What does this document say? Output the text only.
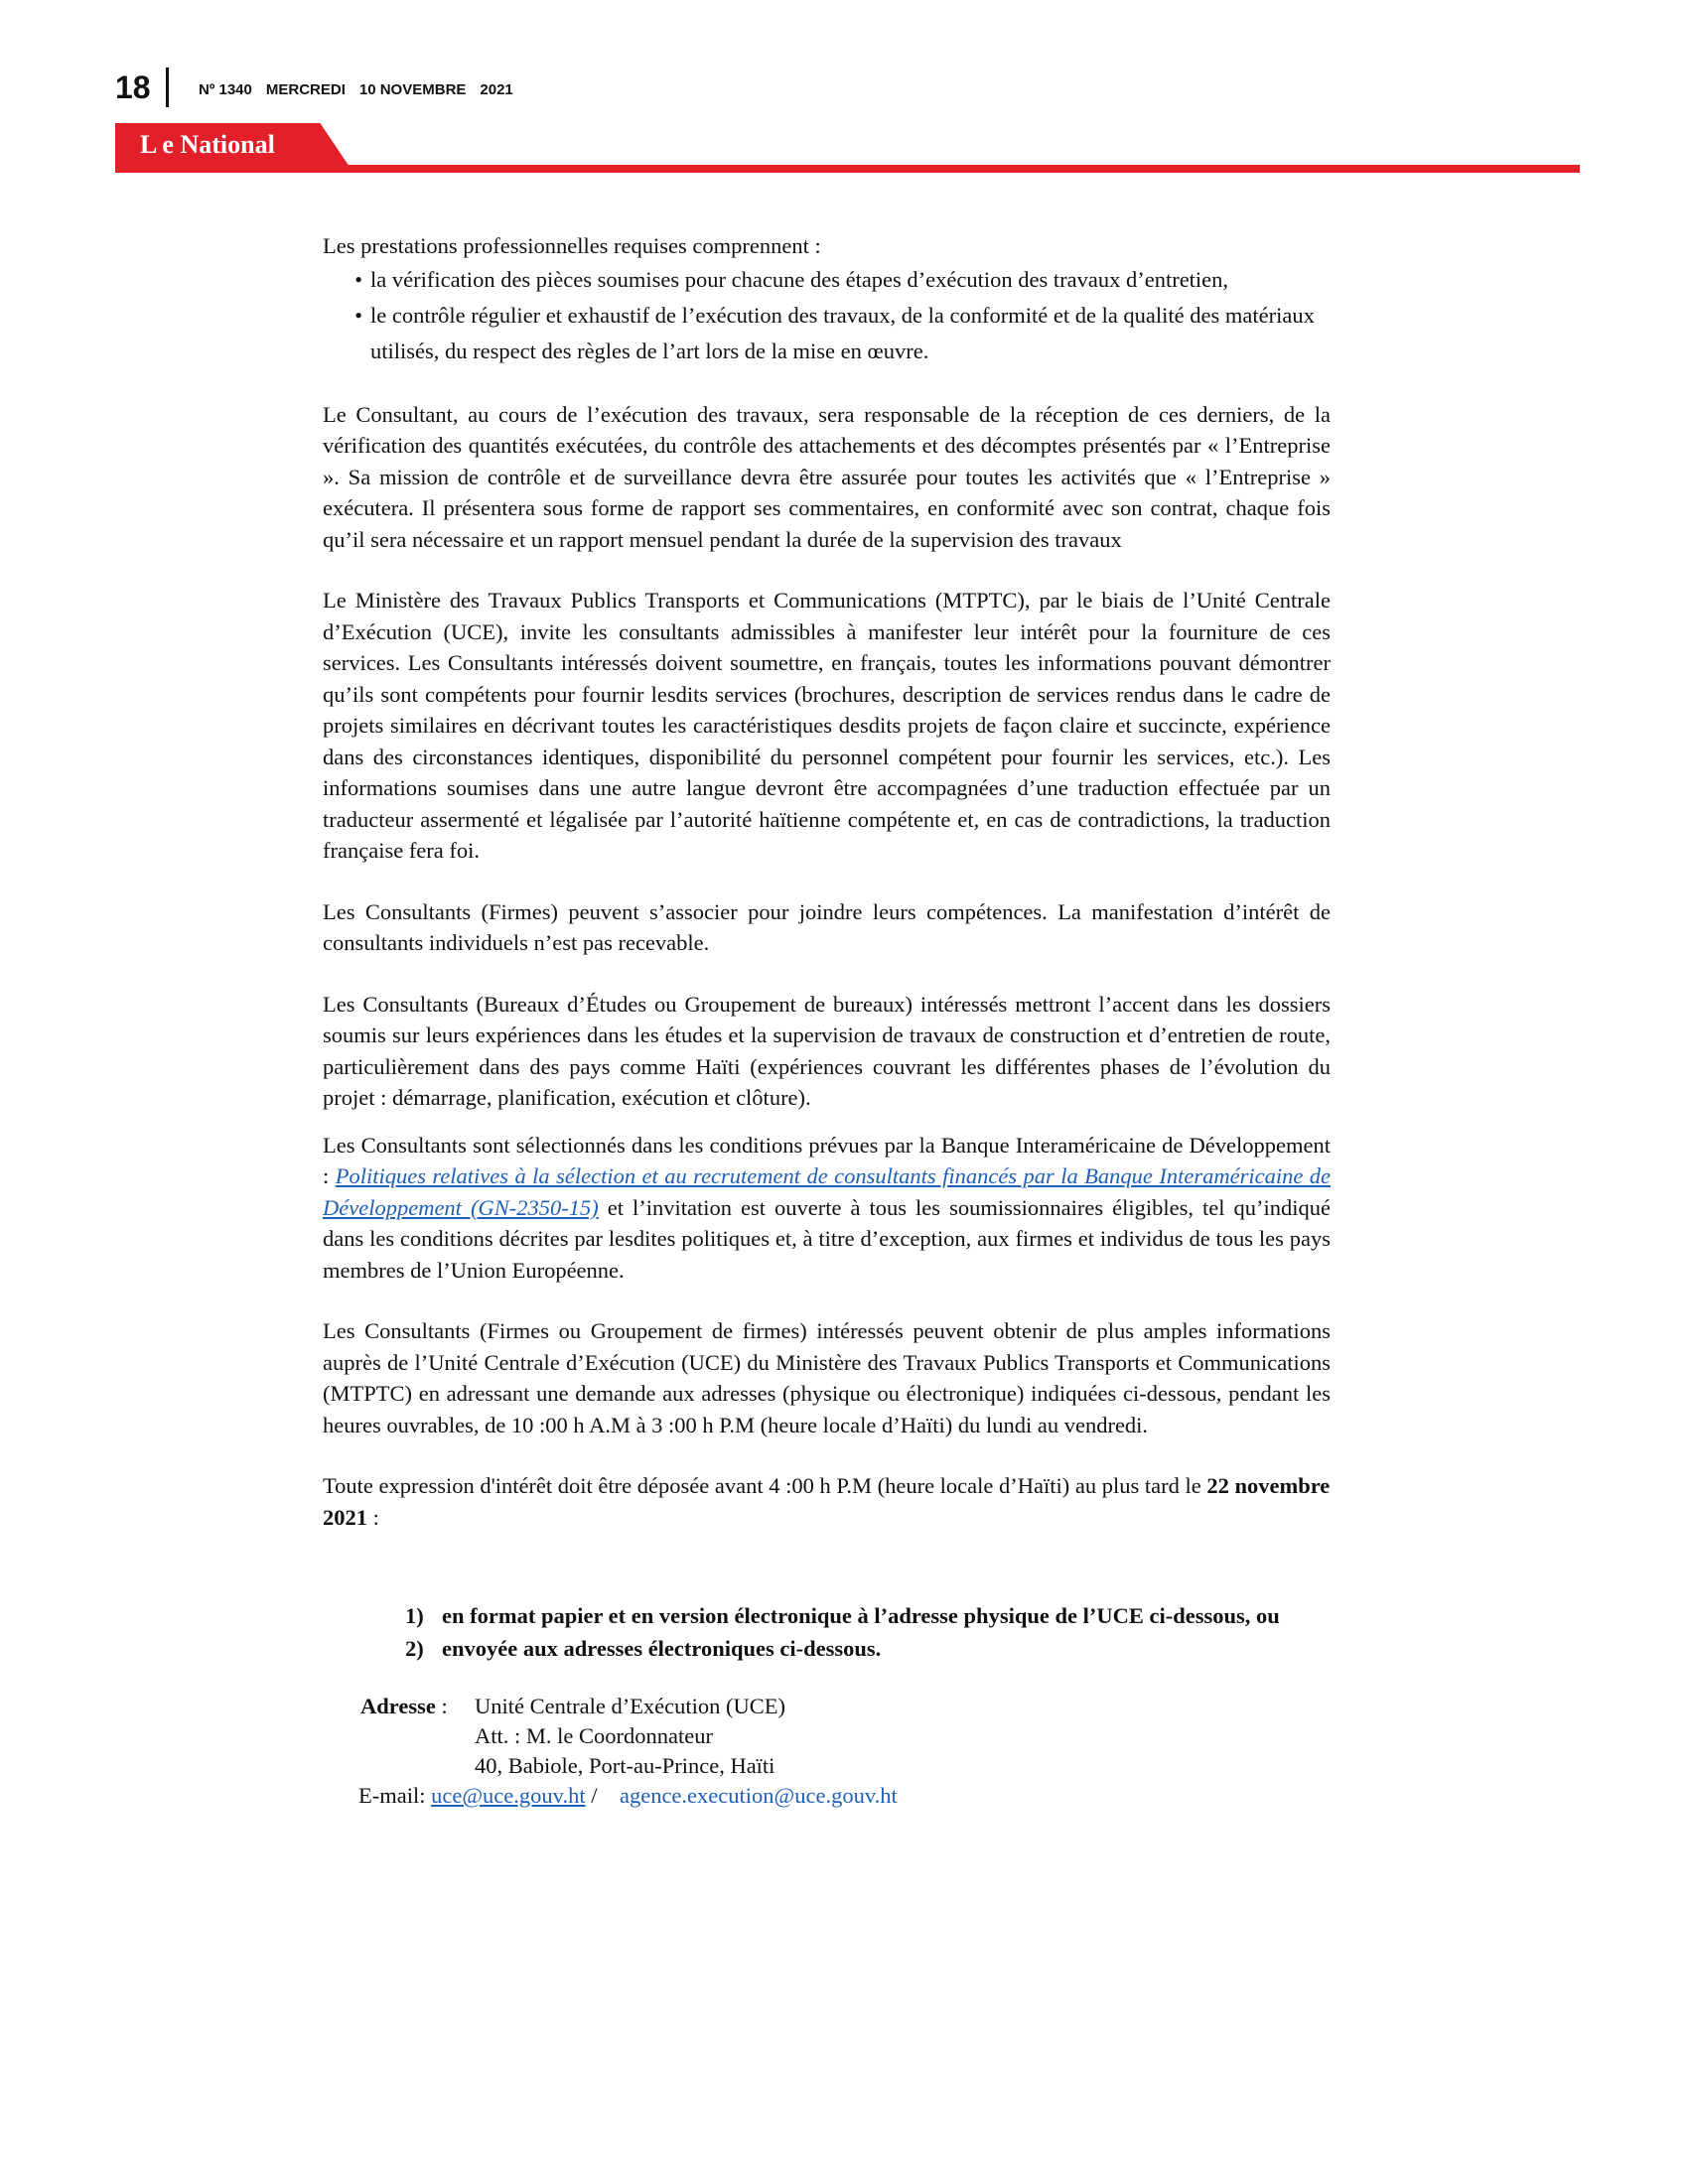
18	Nº 1340 MERCREDI 10 NOVEMBRE 2021
L e National

Les prestations professionnelles requises comprennent :

• la vérification des pièces soumises pour chacune des étapes d’exécution des travaux d’entretien,
• le contrôle régulier et exhaustif de l’exécution des travaux, de la conformité et de la qualité des matériaux utilisés, du respect des règles de l’art lors de la mise en œuvre.

Le Consultant, au cours de l’exécution des travaux, sera responsable de la réception de ces derniers, de la vérification des quantités exécutées, du contrôle des attachements et des décomptes présentés par « l’Entreprise ». Sa mission de contrôle et de surveillance devra être assurée pour toutes les activités que « l’Entreprise » exécutera. Il présentera sous forme de rapport ses commentaires, en conformité avec son contrat, chaque fois qu’il sera nécessaire et un rapport mensuel pendant la durée de la supervision des travaux

Le Ministère des Travaux Publics Transports et Communications (MTPTC), par le biais de l’Unité Centrale d’Exécution (UCE), invite les consultants admissibles à manifester leur intérêt pour la fourniture de ces services. Les Consultants intéressés doivent soumettre, en français, toutes les informations pouvant démontrer qu’ils sont compétents pour fournir lesdits services (brochures, description de services rendus dans le cadre de projets similaires en décrivant toutes les caractéristiques desdits projets de façon claire et succincte, expérience dans des circonstances identiques, disponibilité du personnel compétent pour fournir les services, etc.). Les informations soumises dans une autre langue devront être accompagnées d’une traduction effectuée par un traducteur assermenté et légalisée par l’autorité haïtienne compétente et, en cas de contradictions, la traduction française fera foi.

Les Consultants (Firmes) peuvent s’associer pour joindre leurs compétences. La manifestation d’intérêt de consultants individuels n’est pas recevable.

Les Consultants (Bureaux d’Études ou Groupement de bureaux) intéressés mettront l’accent dans les dossiers soumis sur leurs expériences dans les études et la supervision de travaux de construction et d’entretien de route, particulièrement dans des pays comme Haïti (expériences couvrant les différentes phases de l’évolution du projet : démarrage, planification, exécution et clôture).

Les Consultants sont sélectionnés dans les conditions prévues par la Banque Interaméricaine de Développement : Politiques relatives à la sélection et au recrutement de consultants financés par la Banque Interaméricaine de Développement (GN-2350-15) et l’invitation est ouverte à tous les soumissionnaires éligibles, tel qu’indiqué dans les conditions décrites par lesdites politiques et, à titre d’exception, aux firmes et individus de tous les pays membres de l’Union Européenne.

Les Consultants (Firmes ou Groupement de firmes) intéressés peuvent obtenir de plus amples informations auprès de l’Unité Centrale d’Exécution (UCE) du Ministère des Travaux Publics Transports et Communications (MTPTC) en adressant une demande aux adresses (physique ou électronique) indiquées ci-dessous, pendant les heures ouvrables, de 10 :00 h A.M à 3 :00 h P.M (heure locale d’Haïti) du lundi au vendredi.

Toute expression d'intérêt doit être déposée avant 4 :00 h P.M (heure locale d’Haïti) au plus tard le 22 novembre 2021 :

1) en format papier et en version électronique à l’adresse physique de l’UCE ci-dessous, ou
2) envoyée aux adresses électroniques ci-dessous.
Adresse :	Unité Centrale d’Exécution (UCE)
Att. : M. le Coordonnateur
40, Babiole, Port-au-Prince, Haïti
E-mail: uce@uce.gouv.ht /    agence.execution@uce.gouv.ht
